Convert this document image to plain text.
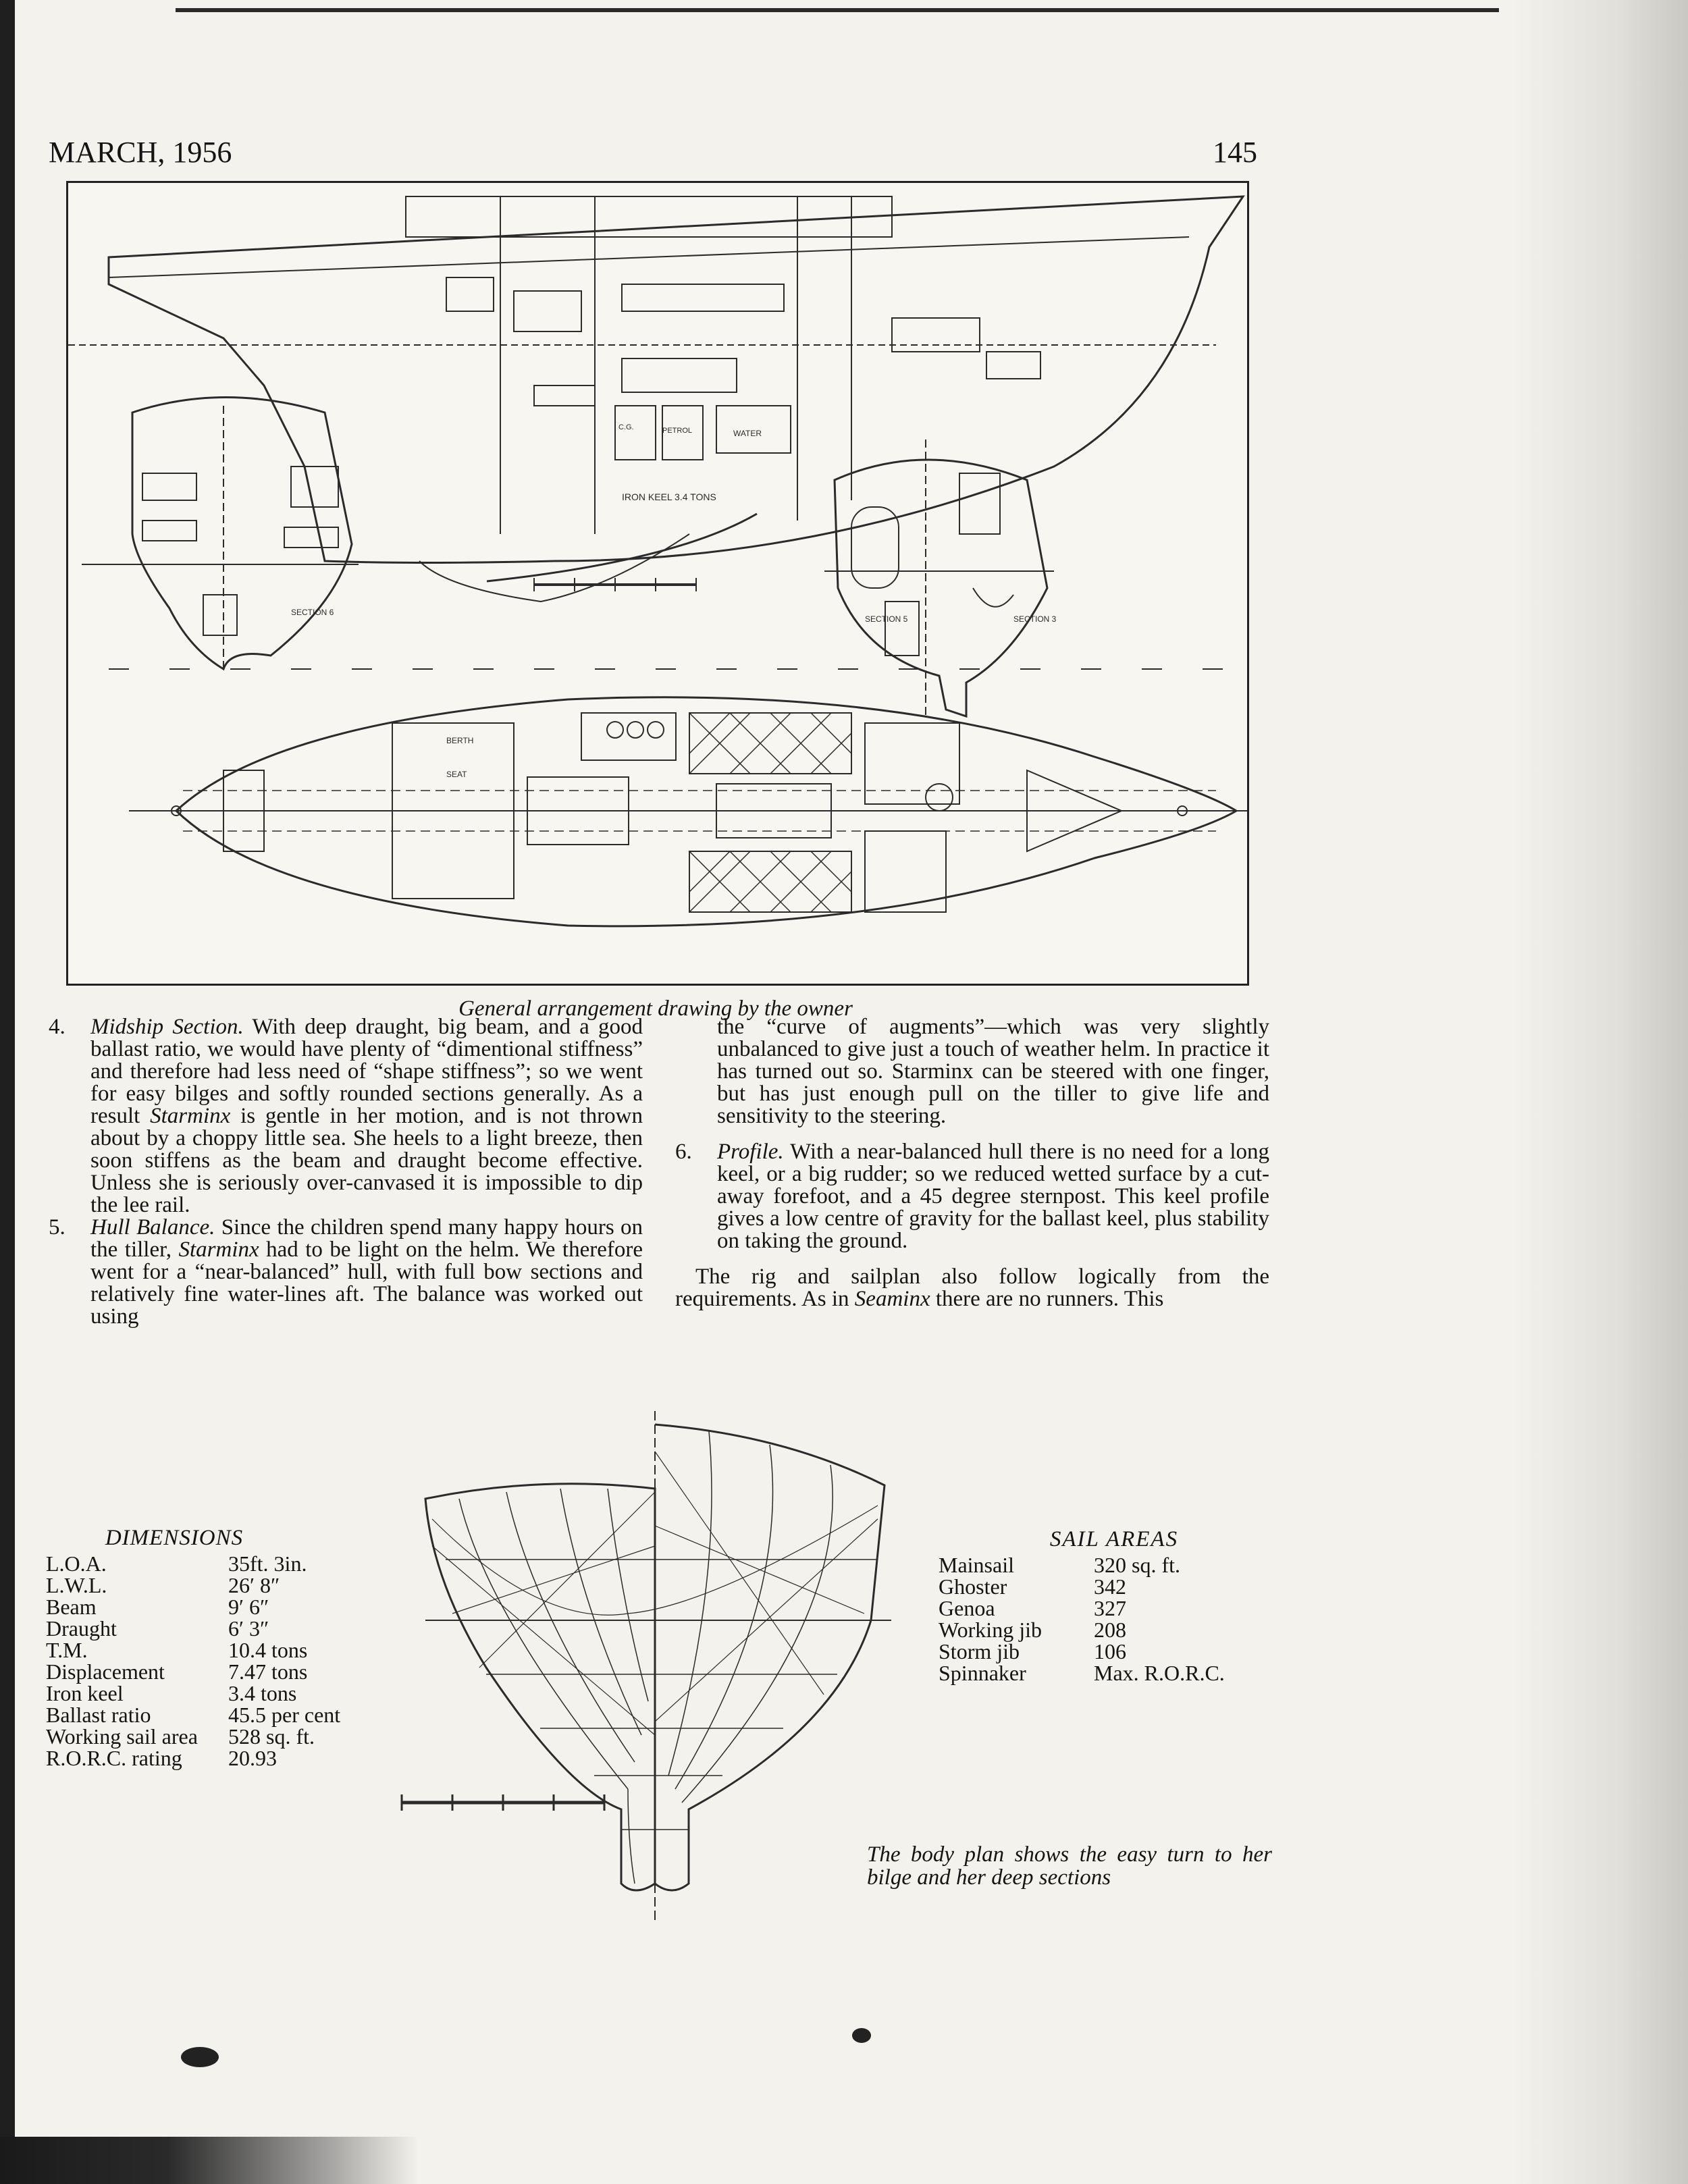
MARCH, 1956	145
IRON KEEL 3.4 TONS
WATER
PETROL
C.G.
SECTION 6
SECTION 5	SECTION 3
BERTH
SEAT
General arrangement drawing by the owner

4. Midship Section. With deep draught, big beam, and a good ballast ratio, we would have plenty of “dimentional stiffness” and therefore had less need of “shape stiffness”; so we went for easy bilges and softly rounded sections generally. As a result Starminx is gentle in her motion, and is not thrown about by a choppy little sea. She heels to a light breeze, then soon stiffens as the beam and draught become effective. Unless she is seriously over-canvased it is impossible to dip the lee rail.

5. Hull Balance. Since the children spend many happy hours on the tiller, Starminx had to be light on the helm. We therefore went for a “near-balanced” hull, with full bow sections and relatively fine water-lines aft. The balance was worked out using

the “curve of augments”—which was very slightly unbalanced to give just a touch of weather helm. In practice it has turned out so. Starminx can be steered with one finger, but has just enough pull on the tiller to give life and sensitivity to the steering.

6. Profile. With a near-balanced hull there is no need for a long keel, or a big rudder; so we reduced wetted surface by a cut-away forefoot, and a 45 degree sternpost. This keel profile gives a low centre of gravity for the ballast keel, plus stability on taking the ground.

The rig and sailplan also follow logically from the requirements. As in Seaminx there are no runners. This

DIMENSIONS
L.O.A.	35ft. 3in.
L.W.L.	26′ 8″
Beam	9′ 6″
Draught	6′ 3″
T.M.	10.4 tons
Displacement	7.47 tons
Iron keel	3.4 tons
Ballast ratio	45.5 per cent
Working sail area	528 sq. ft.
R.O.R.C. rating	20.93
SAIL AREAS
Mainsail	320 sq. ft.
Ghoster	342
Genoa	327
Working jib	208
Storm jib	106
Spinnaker	Max. R.O.R.C.
The body plan shows the easy turn to her bilge and her deep sections
